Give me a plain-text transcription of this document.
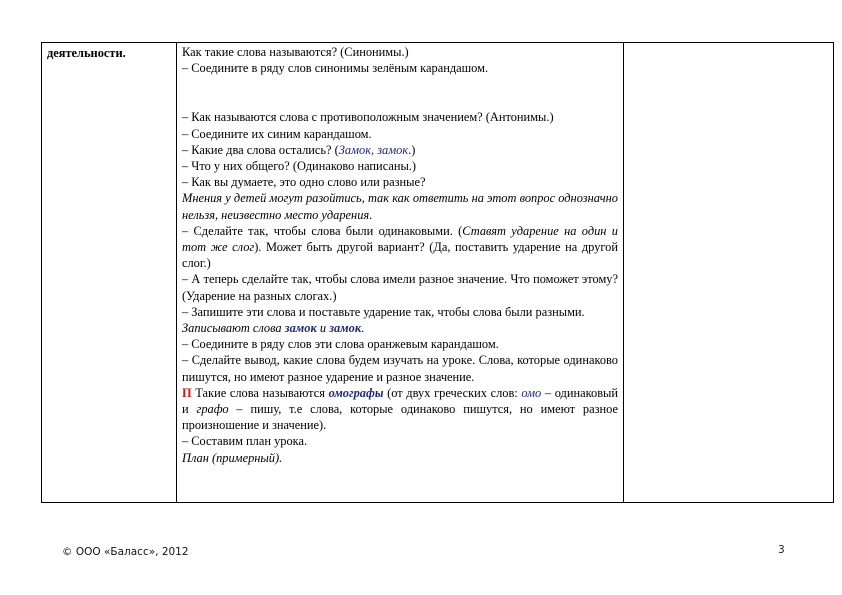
деятельности.	Как такие слова называются? (Синонимы.)
– Соедините в ряду слов синонимы зелёным карандашом.
– Как называются слова с противоположным значением? (Антонимы.)
– Соедините их синим карандашом.
– Какие два слова остались? (Замок, замок.)
– Что у них общего? (Одинаково написаны.)
– Как вы думаете, это одно слово или разные?
Мнения у детей могут разойтись, так как ответить на этот вопрос однозначно нельзя, неизвестно место ударения.
– Сделайте так, чтобы слова были одинаковыми. (Ставят ударение на один и тот же слог). Может быть другой вариант? (Да, поставить ударение на другой слог.)
– А теперь сделайте так, чтобы слова имели разное значение. Что поможет этому? (Ударение на разных слогах.)
– Запишите эти слова и поставьте ударение так, чтобы слова были разными.
Записывают слова замок и замок.
– Соедините в ряду слов эти слова оранжевым карандашом.
– Сделайте вывод, какие слова будем изучать на уроке. Слова, которые одинаково пишутся, но имеют разное ударение и разное значение.
П Такие слова называются омографы (от двух греческих слов: омо – одинаковый и графо – пишу, т.е слова, которые одинаково пишутся, но имеют разное произношение и значение).
– Составим план урока.
План (примерный).

© ООО «Баласс», 2012	3
